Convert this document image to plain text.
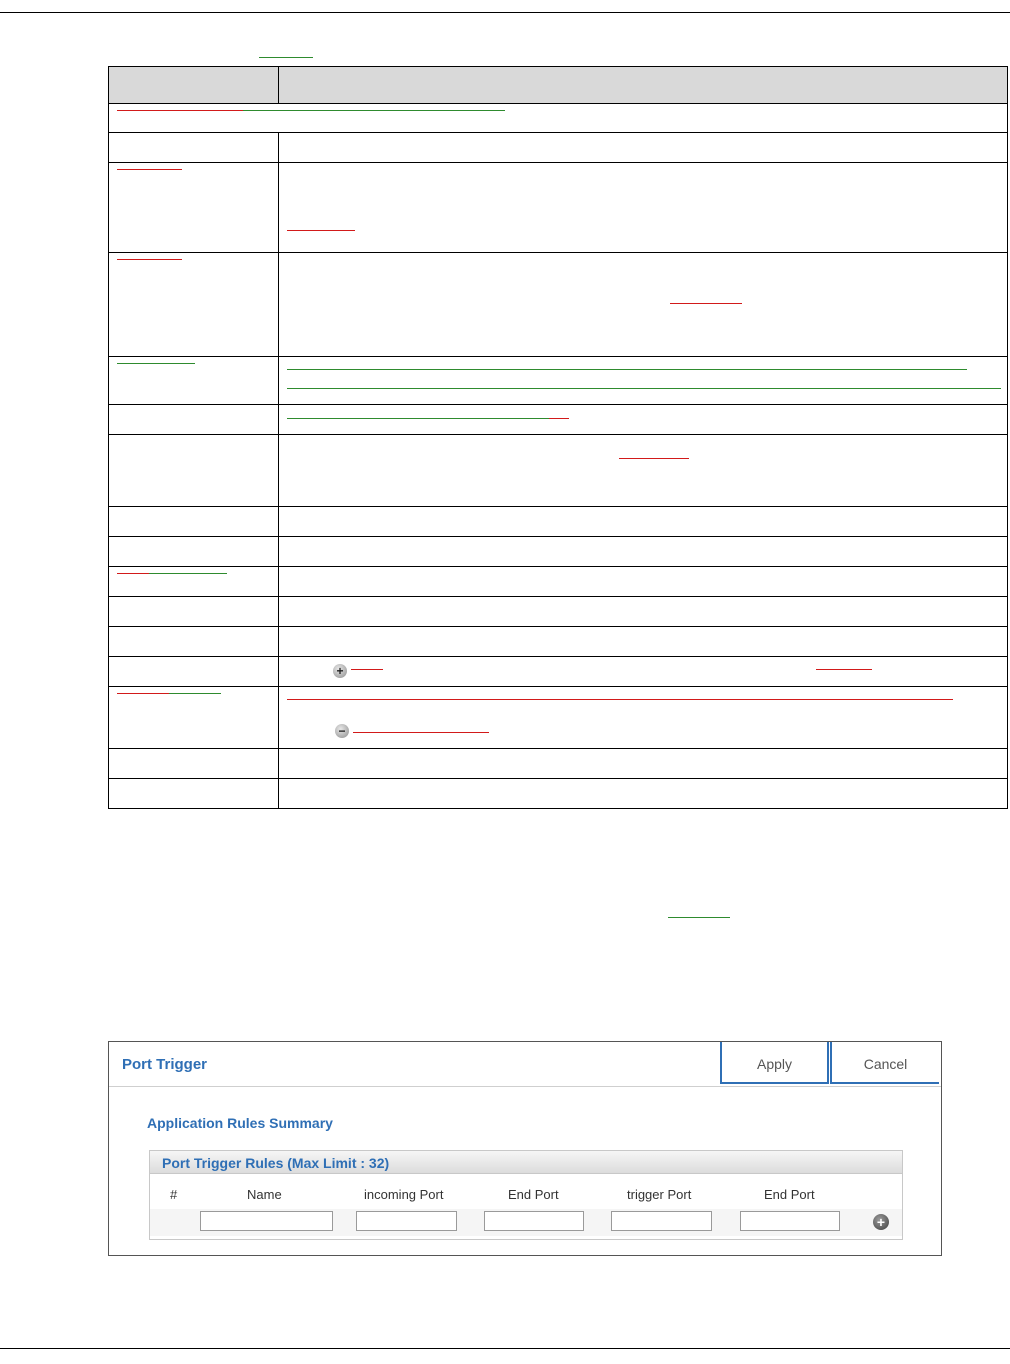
	+

	−

Port Trigger	Apply	Cancel
Application Rules Summary
Port Trigger Rules (Max Limit : 32)
#	Name	incoming Port	End Port	trigger Port	End Port
+
